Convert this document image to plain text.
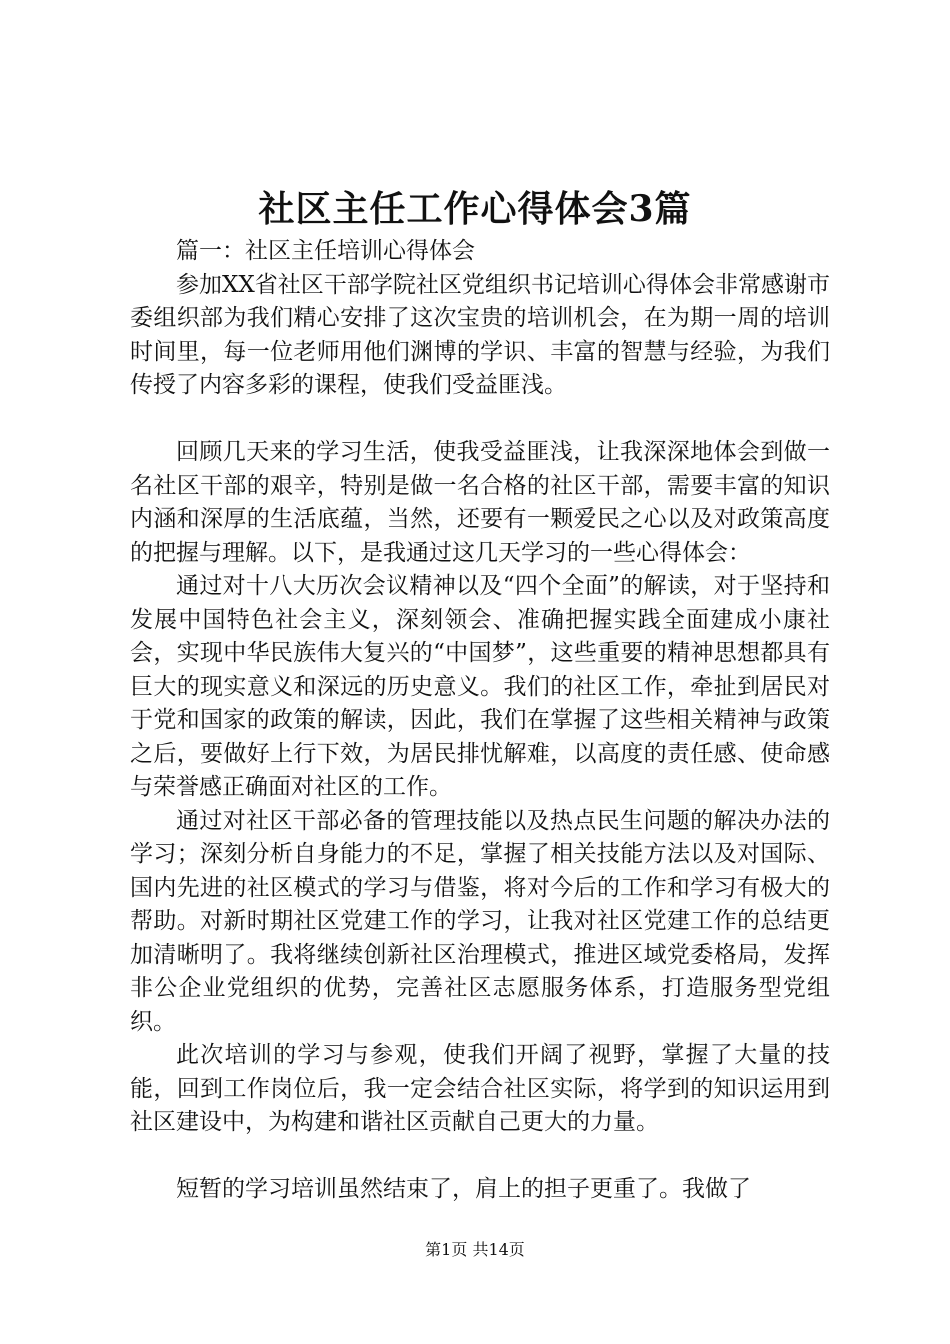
社区主任工作心得体会3篇

篇一：社区主任培训心得体会

参加XX省社区干部学院社区党组织书记培训心得体会非常感谢市委组织部为我们精心安排了这次宝贵的培训机会，在为期一周的培训时间里，每一位老师用他们渊博的学识、丰富的智慧与经验，为我们传授了内容多彩的课程，使我们受益匪浅。

回顾几天来的学习生活，使我受益匪浅，让我深深地体会到做一名社区干部的艰辛，特别是做一名合格的社区干部，需要丰富的知识内涵和深厚的生活底蕴，当然，还要有一颗爱民之心以及对政策高度的把握与理解。以下，是我通过这几天学习的一些心得体会：

通过对十八大历次会议精神以及“四个全面”的解读，对于坚持和发展中国特色社会主义，深刻领会、准确把握实践全面建成小康社会，实现中华民族伟大复兴的“中国梦”，这些重要的精神思想都具有巨大的现实意义和深远的历史意义。我们的社区工作，牵扯到居民对于党和国家的政策的解读，因此，我们在掌握了这些相关精神与政策之后，要做好上行下效，为居民排忧解难，以高度的责任感、使命感与荣誉感正确面对社区的工作。

通过对社区干部必备的管理技能以及热点民生问题的解决办法的学习；深刻分析自身能力的不足，掌握了相关技能方法以及对国际、国内先进的社区模式的学习与借鉴，将对今后的工作和学习有极大的帮助。对新时期社区党建工作的学习，让我对社区党建工作的总结更加清晰明了。我将继续创新社区治理模式，推进区域党委格局，发挥非公企业党组织的优势，完善社区志愿服务体系，打造服务型党组织。

此次培训的学习与参观，使我们开阔了视野，掌握了大量的技能，回到工作岗位后，我一定会结合社区实际，将学到的知识运用到社区建设中，为构建和谐社区贡献自己更大的力量。

短暂的学习培训虽然结束了，肩上的担子更重了。我做了

第1页 共14页
